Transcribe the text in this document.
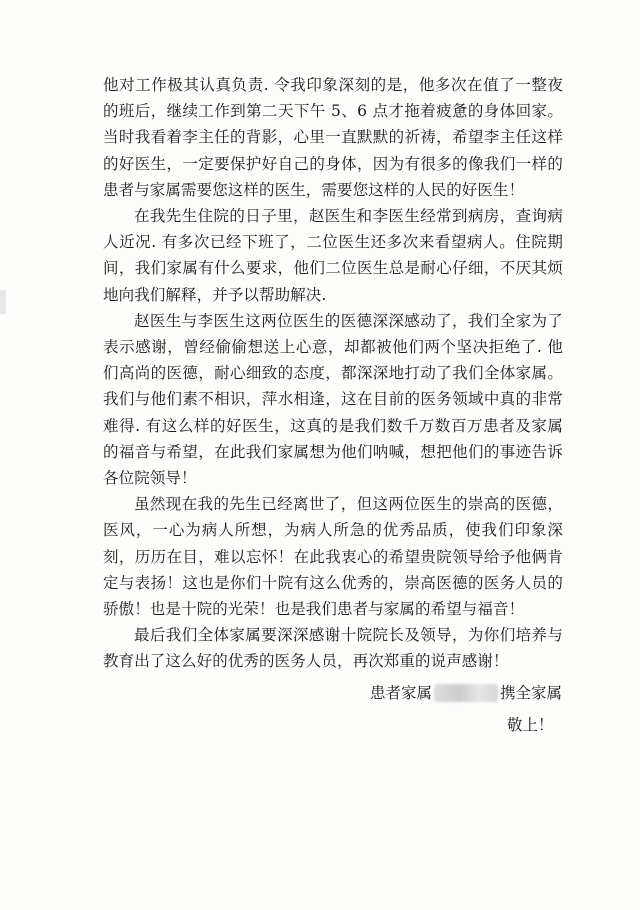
他对工作极其认真负责. 令我印象深刻的是，他多次在值了一整夜的班后，继续工作到第二天下午 5、6 点才拖着疲惫的身体回家。当时我看着李主任的背影，心里一直默默的祈祷，希望李主任这样的好医生，一定要保护好自己的身体，因为有很多的像我们一样的患者与家属需要您这样的医生，需要您这样的人民的好医生！

在我先生住院的日子里，赵医生和李医生经常到病房，查询病人近况. 有多次已经下班了，二位医生还多次来看望病人。住院期间，我们家属有什么要求，他们二位医生总是耐心仔细，不厌其烦地向我们解释，并予以帮助解决.

赵医生与李医生这两位医生的医德深深感动了，我们全家为了表示感谢，曾经偷偷想送上心意，却都被他们两个坚决拒绝了. 他们高尚的医德，耐心细致的态度，都深深地打动了我们全体家属。我们与他们素不相识，萍水相逢，这在目前的医务领域中真的非常难得. 有这么样的好医生，这真的是我们数千万数百万患者及家属的福音与希望，在此我们家属想为他们呐喊，想把他们的事迹告诉各位院领导！

虽然现在我的先生已经离世了，但这两位医生的崇高的医德，医风，一心为病人所想，为病人所急的优秀品质，使我们印象深刻，历历在目，难以忘怀！在此我衷心的希望贵院领导给予他俩肯定与表扬！这也是你们十院有这么优秀的，崇高医德的医务人员的骄傲！也是十院的光荣！也是我们患者与家属的希望与福音！

最后我们全体家属要深深感谢十院院长及领导，为你们培养与教育出了这么好的优秀的医务人员，再次郑重的说声感谢！

患者家属	携全家属
敬上！
